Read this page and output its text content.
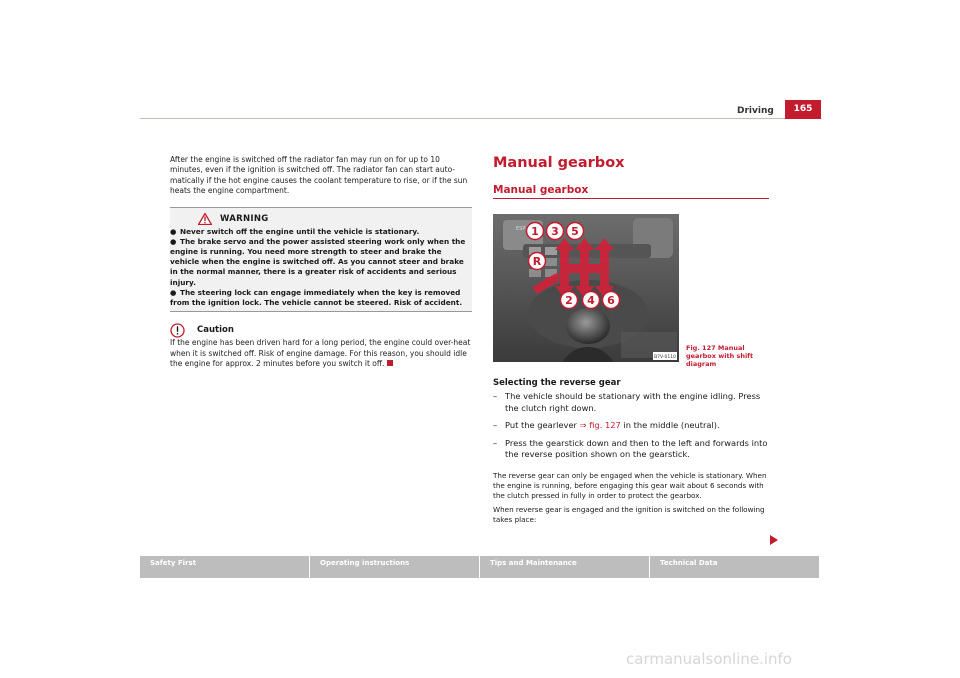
Driving	165

After the engine is switched off the radiator fan may run on for up to 10 minutes, even if the ignition is switched off. The radiator fan can start auto-matically if the hot engine causes the coolant temperature to rise, or if the sun heats the engine compartment.

WARNING
● Never switch off the engine until the vehicle is stationary.
● The brake servo and the power assisted steering work only when the engine is running. You need more strength to steer and brake the vehicle when the engine is switched off. As you cannot steer and brake in the normal manner, there is a greater risk of accidents and serious injury.
● The steering lock can engage immediately when the key is removed from the ignition lock. The vehicle cannot be steered. Risk of accident.
Caution

If the engine has been driven hard for a long period, the engine could over-heat when it is switched off. Risk of engine damage. For this reason, you should idle the engine for approx. 2 minutes before you switch it off.

Manual gearbox
Manual gearbox
ESP 1 3 5
R
2 4 6
B7V-0110
Fig. 127 Manual gearbox with shift diagram
Selecting the reverse gear
– The vehicle should be stationary with the engine idling. Press the clutch right down.
– Put the gearlever ⇒ fig. 127 in the middle (neutral).
– Press the gearstick down and then to the left and forwards into the reverse position shown on the gearstick.

The reverse gear can only be engaged when the vehicle is stationary. When the engine is running, before engaging this gear wait about 6 seconds with the clutch pressed in fully in order to protect the gearbox.

When reverse gear is engaged and the ignition is switched on the following takes place:

Safety First	Operating instructions	Tips and Maintenance	Technical Data
carmanualsonline.info
